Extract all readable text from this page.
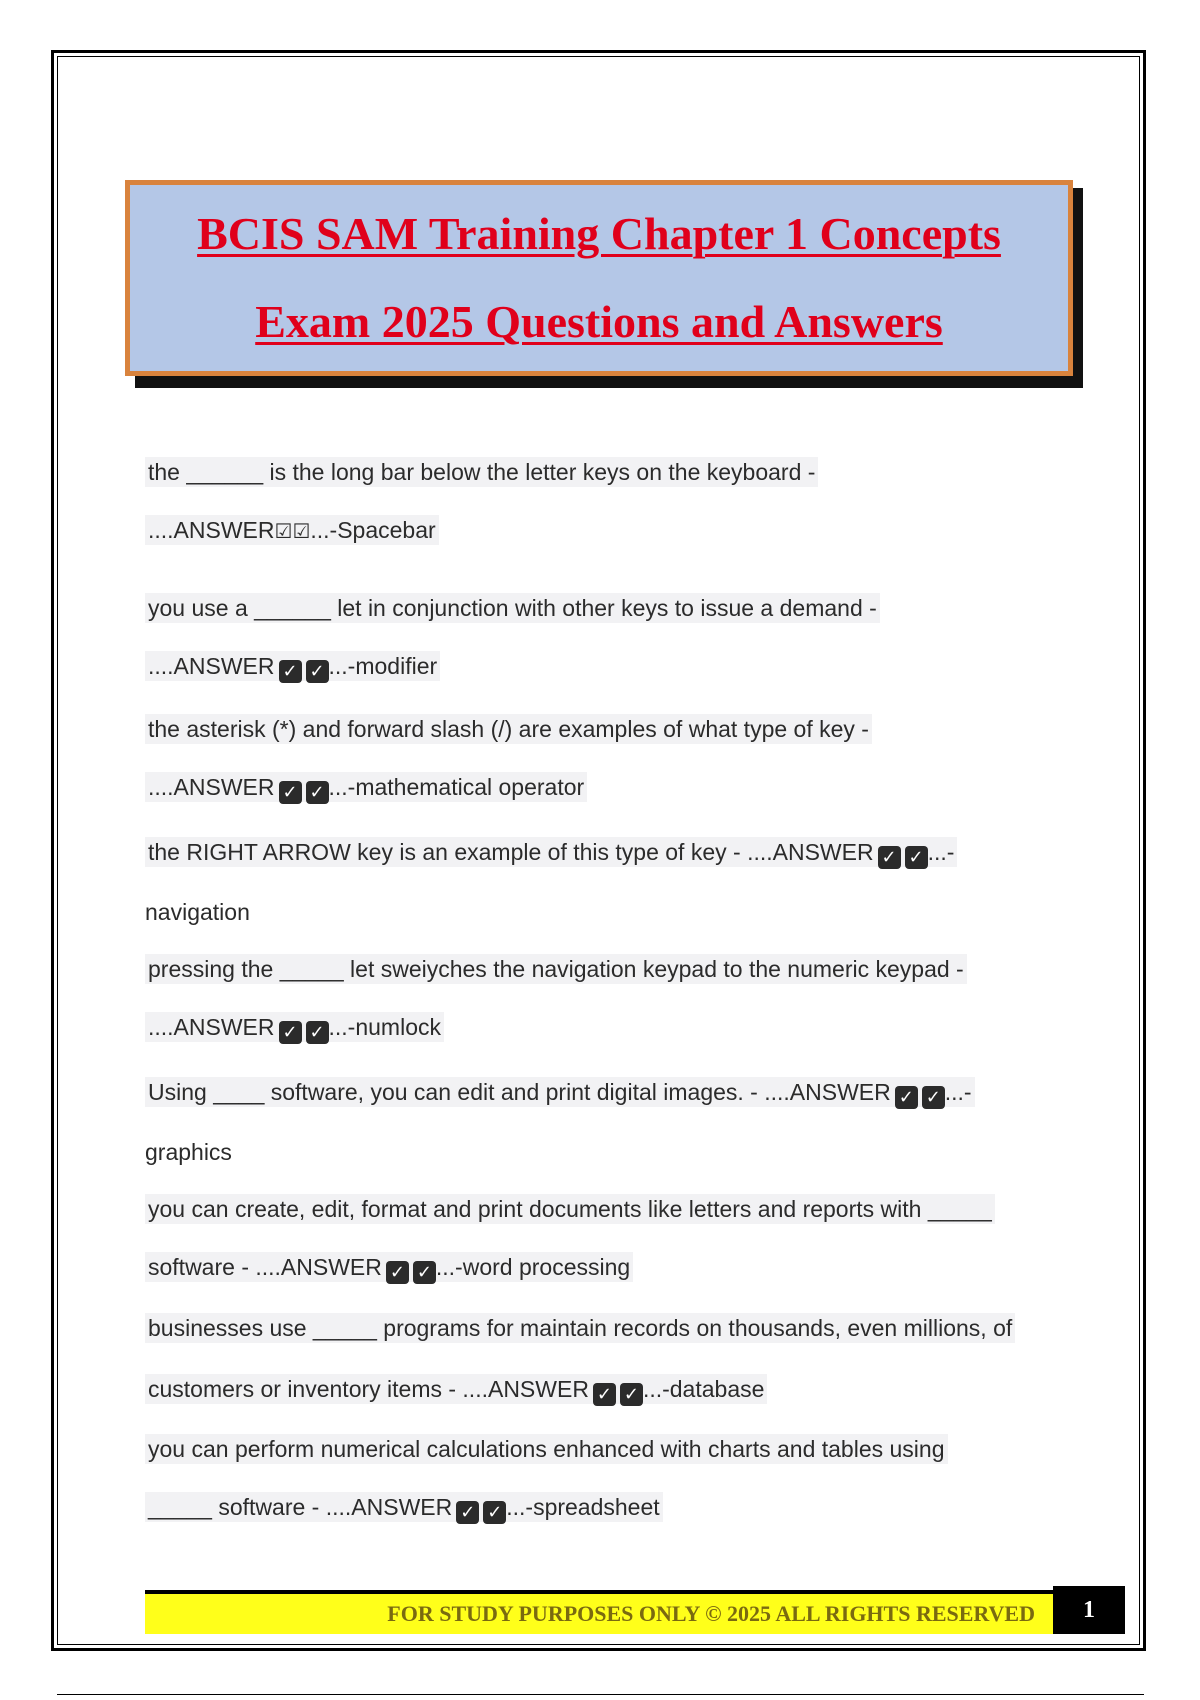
BCIS SAM Training Chapter 1 Concepts
Exam 2025 Questions and Answers
the ______ is the long bar below the letter keys on the keyboard -
....ANSWER☑☑...-Spacebar
you use a ______ let in conjunction with other keys to issue a demand -
....ANSWER ✓ ✓ ...-modifier
the asterisk (*) and forward slash (/) are examples of what type of key -
....ANSWER ✓ ✓ ...-mathematical operator
the RIGHT ARROW key is an example of this type of key - ....ANSWER ✓ ✓ ...-
navigation
pressing the _____ let sweiyches the navigation keypad to the numeric keypad -
....ANSWER ✓ ✓ ...-numlock
Using ____ software, you can edit and print digital images. - ....ANSWER ✓ ✓ ...-
graphics
you can create, edit, format and print documents like letters and reports with _____
software - ....ANSWER ✓ ✓ ...-word processing
businesses use _____ programs for maintain records on thousands, even millions, of
customers or inventory items - ....ANSWER ✓ ✓ ...-database
you can perform numerical calculations enhanced with charts and tables using
_____ software - ....ANSWER ✓ ✓ ...-spreadsheet
FOR STUDY PURPOSES ONLY © 2025 ALL RIGHTS RESERVED	1
